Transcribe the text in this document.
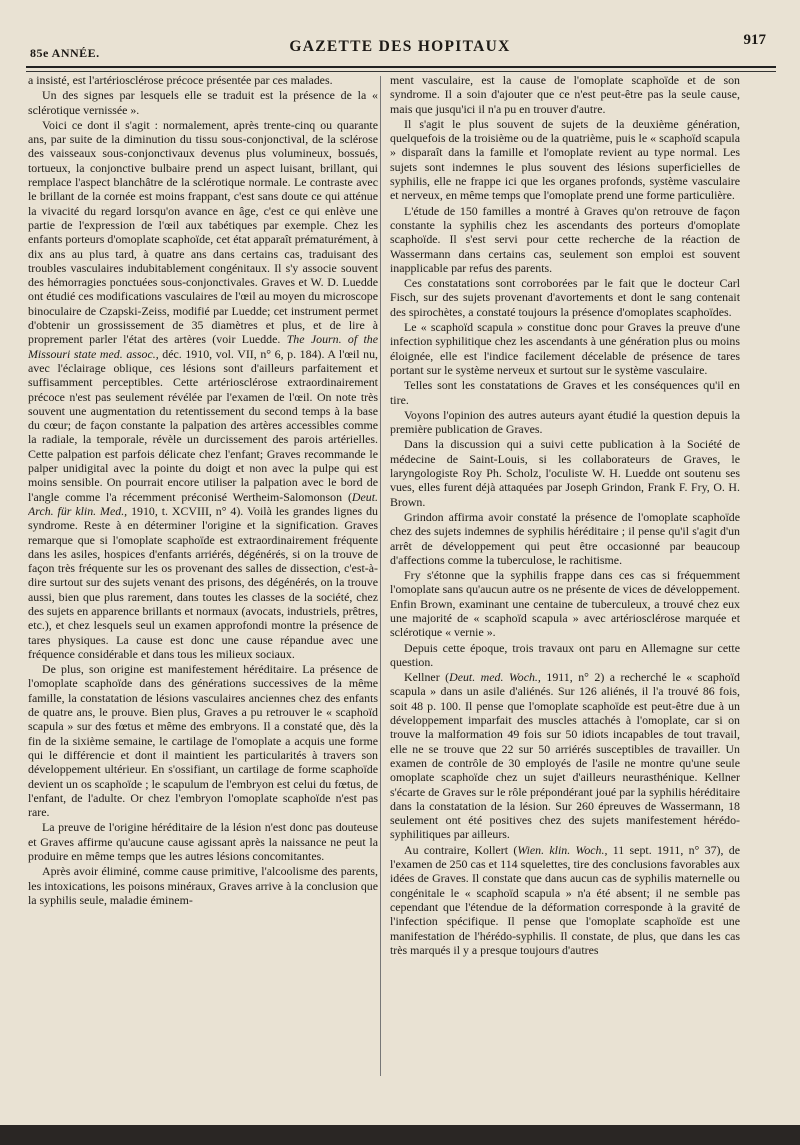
85e ANNÉE.	GAZETTE DES HOPITAUX	917

a insisté, est l'artériosclérose précoce présentée par ces malades.

Un des signes par lesquels elle se traduit est la présence de la « sclérotique vernissée ».

Voici ce dont il s'agit : normalement, après trente-cinq ou quarante ans, par suite de la diminution du tissu sous-conjonctival, de la sclérose des vaisseaux sous-conjonctivaux devenus plus volumineux, bossués, tortueux, la conjonctive bulbaire prend un aspect luisant, brillant, qui remplace l'aspect blanchâtre de la sclérotique normale. Le contraste avec le brillant de la cornée est moins frappant, c'est sans doute ce qui atténue la vivacité du regard lorsqu'on avance en âge, c'est ce qui enlève une partie de l'expression de l'œil aux tabétiques par exemple. Chez les enfants porteurs d'omoplate scaphoïde, cet état apparaît prématurément, à dix ans au plus tard, à quatre ans dans certains cas, traduisant des troubles vasculaires indubitablement congénitaux. Il s'y associe souvent des hémorragies ponctuées sous-conjonctivales. Graves et W. D. Luedde ont étudié ces modifications vasculaires de l'œil au moyen du microscope binoculaire de Czapski-Zeiss, modifié par Luedde; cet instrument permet d'obtenir un grossissement de 35 diamètres et plus, et de lire à proprement parler l'état des artères (voir Luedde. The Journ. of the Missouri state med. assoc., déc. 1910, vol. VII, n° 6, p. 184). A l'œil nu, avec l'éclairage oblique, ces lésions sont d'ailleurs parfaitement et suffisamment perceptibles. Cette artériosclérose extraordinairement précoce n'est pas seulement révélée par l'examen de l'œil. On note très souvent une augmentation du retentissement du second temps à la base du cœur; de façon constante la palpation des artères accessibles comme la radiale, la temporale, révèle un durcissement des parois artérielles. Cette palpation est parfois délicate chez l'enfant; Graves recommande le palper unidigital avec la pointe du doigt et non avec la pulpe qui est moins sensible. On pourrait encore utiliser la palpation avec le bord de l'angle comme l'a récemment préconisé Wertheim-Salomonson (Deut. Arch. für klin. Med., 1910, t. XCVIII, n° 4). Voilà les grandes lignes du syndrome. Reste à en déterminer l'origine et la signification. Graves remarque que si l'omoplate scaphoïde est extraordinairement fréquente dans les asiles, hospices d'enfants arriérés, dégénérés, si on la trouve de façon très fréquente sur les os provenant des salles de dissection, c'est-à-dire surtout sur des sujets venant des prisons, des dégénérés, on la trouve aussi, bien que plus rarement, dans toutes les classes de la société, chez des sujets en apparence brillants et normaux (avocats, industriels, prêtres, etc.), et chez lesquels seul un examen approfondi montre la présence de tares physiques. La cause est donc une cause répandue avec une fréquence considérable et dans tous les milieux sociaux.

De plus, son origine est manifestement héréditaire. La présence de l'omoplate scaphoïde dans des générations successives de la même famille, la constatation de lésions vasculaires anciennes chez des enfants de quatre ans, le prouve. Bien plus, Graves a pu retrouver le « scaphoïd scapula » sur des fœtus et même des embryons. Il a constaté que, dès la fin de la sixième semaine, le cartilage de l'omoplate a acquis une forme qui le différencie et dont il maintient les particularités à travers son développement ultérieur. En s'ossifiant, un cartilage de forme scaphoïde devient un os scaphoïde ; le scapulum de l'embryon est celui du fœtus, de l'enfant, de l'adulte. Or chez l'embryon l'omoplate scaphoïde n'est pas rare.

La preuve de l'origine héréditaire de la lésion n'est donc pas douteuse et Graves affirme qu'aucune cause agissant après la naissance ne peut la produire en même temps que les autres lésions concomitantes.

Après avoir éliminé, comme cause primitive, l'alcoolisme des parents, les intoxications, les poisons minéraux, Graves arrive à la conclusion que la syphilis seule, maladie éminem-

ment vasculaire, est la cause de l'omoplate scaphoïde et de son syndrome. Il a soin d'ajouter que ce n'est peut-être pas la seule cause, mais que jusqu'ici il n'a pu en trouver d'autre.

Il s'agit le plus souvent de sujets de la deuxième génération, quelquefois de la troisième ou de la quatrième, puis le « scaphoïd scapula » disparaît dans la famille et l'omoplate revient au type normal. Les sujets sont indemnes le plus souvent des lésions superficielles de syphilis, elle ne frappe ici que les organes profonds, système vasculaire et nerveux, en même temps que l'omoplate prend une forme particulière.

L'étude de 150 familles a montré à Graves qu'on retrouve de façon constante la syphilis chez les ascendants des porteurs d'omoplate scaphoïde. Il s'est servi pour cette recherche de la réaction de Wassermann dans certains cas, seulement son emploi est souvent inapplicable par refus des parents.

Ces constatations sont corroborées par le fait que le docteur Carl Fisch, sur des sujets provenant d'avortements et dont le sang contenait des spirochètes, a constaté toujours la présence d'omoplates scaphoïdes.

Le « scaphoïd scapula » constitue donc pour Graves la preuve d'une infection syphilitique chez les ascendants à une génération plus ou moins éloignée, elle est l'indice facilement décelable de présence de tares portant sur le système nerveux et surtout sur le système vasculaire.

Telles sont les constatations de Graves et les conséquences qu'il en tire.

Voyons l'opinion des autres auteurs ayant étudié la question depuis la première publication de Graves.

Dans la discussion qui a suivi cette publication à la Société de médecine de Saint-Louis, si les collaborateurs de Graves, le laryngologiste Roy Ph. Scholz, l'oculiste W. H. Luedde ont soutenu ses vues, elles furent déjà attaquées par Joseph Grindon, Frank F. Fry, O. H. Brown.

Grindon affirma avoir constaté la présence de l'omoplate scaphoïde chez des sujets indemnes de syphilis héréditaire ; il pense qu'il s'agit d'un arrêt de développement qui peut être occasionné par beaucoup d'affections comme la tuberculose, le rachitisme.

Fry s'étonne que la syphilis frappe dans ces cas si fréquemment l'omoplate sans qu'aucun autre os ne présente de vices de développement. Enfin Brown, examinant une centaine de tuberculeux, a trouvé chez eux une majorité de « scaphoïd scapula » avec artériosclérose marquée et sclérotique « vernie ».

Depuis cette époque, trois travaux ont paru en Allemagne sur cette question.

Kellner (Deut. med. Woch., 1911, n° 2) a recherché le « scaphoïd scapula » dans un asile d'aliénés. Sur 126 aliénés, il l'a trouvé 86 fois, soit 48 p. 100. Il pense que l'omoplate scaphoïde est peut-être due à un développement imparfait des muscles attachés à l'omoplate, car si on trouve la malformation 49 fois sur 50 idiots incapables de tout travail, elle ne se trouve que 22 sur 50 arriérés susceptibles de travailler. Un examen de contrôle de 30 employés de l'asile ne montre qu'une seule omoplate scaphoïde chez un sujet d'ailleurs neurasthénique. Kellner s'écarte de Graves sur le rôle prépondérant joué par la syphilis héréditaire dans la constatation de la lésion. Sur 260 épreuves de Wassermann, 18 seulement ont été positives chez des sujets manifestement hérédo-syphilitiques par ailleurs.

Au contraire, Kollert (Wien. klin. Woch., 11 sept. 1911, n° 37), de l'examen de 250 cas et 114 squelettes, tire des conclusions favorables aux idées de Graves. Il constate que dans aucun cas de syphilis maternelle ou congénitale le « scaphoïd scapula » n'a été absent; il ne semble pas cependant que l'étendue de la déformation corresponde à la gravité de l'infection spécifique. Il pense que l'omoplate scaphoïde est une manifestation de l'hérédo-syphilis. Il constate, de plus, que dans les cas très marqués il y a presque toujours d'autres
